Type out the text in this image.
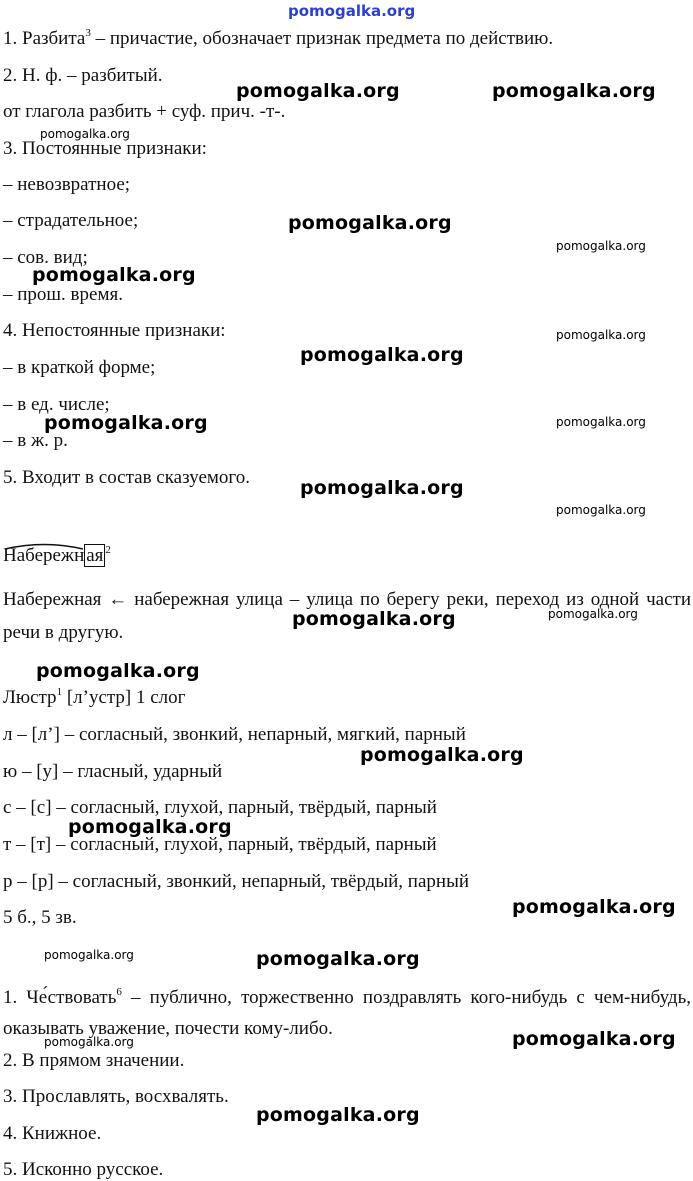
pomogalka.org
1. Разбита$^3$ – причастие, обозначает признак предмета по действию.
2. Н. ф. – разбитый.
от глагола разбить + суф. прич. -т-.
3. Постоянные признаки:
– невозвратное;
– страдательное;
– сов. вид;
– прош. время.
4. Непостоянные признаки:
– в краткой форме;
– в ед. числе;
– в ж. р.
5. Входит в состав сказуемого.
Набережн ая $^2$
Набережная ← набережная улица – улица по берегу реки, переход из одной части речи в другую.
Люстр$^1$ [л’устр] 1 слог
л – [л’] – согласный, звонкий, непарный, мягкий, парный
ю – [у] – гласный, ударный
с – [с] – согласный, глухой, парный, твёрдый, парный
т – [т] – согласный, глухой, парный, твёрдый, парный
р – [р] – согласный, звонкий, непарный, твёрдый, парный
5 б., 5 зв.
1. Че́ствовать$^6$ – публично, торжественно поздравлять кого-нибудь с чем-нибудь, оказывать уважение, почести кому-либо.
2. В прямом значении.
3. Прославлять, восхвалять.
4. Книжное.
5. Исконно русское.
pomogalka.org	pomogalka.org
pomogalka.org
pomogalka.org
pomogalka.org
pomogalka.org
pomogalka.org
pomogalka.org
pomogalka.org
pomogalka.org
pomogalka.org
pomogalka.org
pomogalka.org
pomogalka.org
pomogalka.org
pomogalka.org
pomogalka.org
pomogalka.org
pomogalka.org
pomogalka.org
pomogalka.org
pomogalka.org
pomogalka.org
